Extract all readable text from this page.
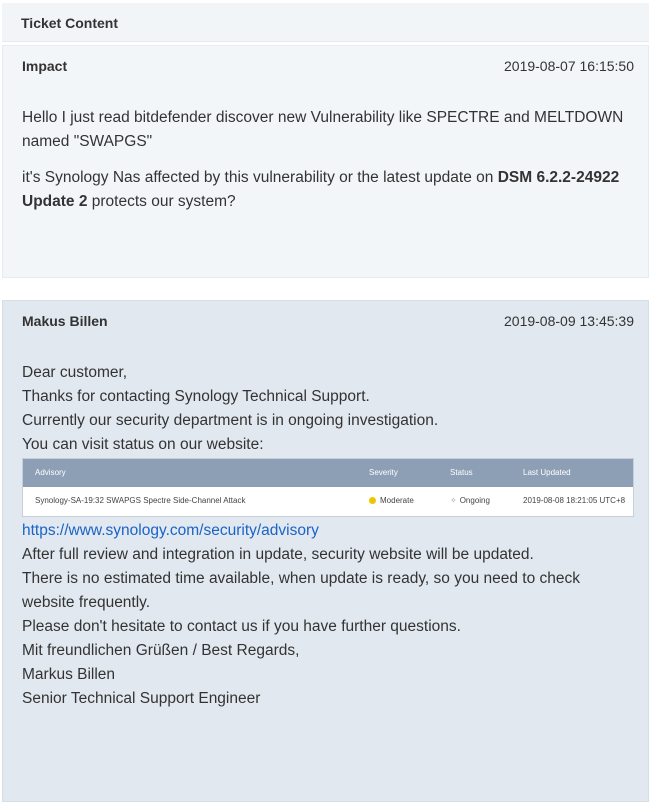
Ticket Content
Impact	2019-08-07 16:15:50

Hello I just read bitdefender discover new Vulnerability like SPECTRE and MELTDOWN named "SWAPGS"

it's Synology Nas affected by this vulnerability or the latest update on DSM 6.2.2-24922 Update 2 protects our system?

Makus Billen	2019-08-09 13:45:39

Dear customer,

Thanks for contacting Synology Technical Support.

Currently our security department is in ongoing investigation.

You can visit status on our website:

Advisory	Severity	Status	Last Updated
Synology-SA-19:32 SWAPGS Spectre Side-Channel Attack	Moderate	✧ Ongoing	2019-08-08 18:21:05 UTC+8

https://www.synology.com/security/advisory

After full review and integration in update, security website will be updated.

There is no estimated time available, when update is ready, so you need to check website frequently.

Please don't hesitate to contact us if you have further questions.

Mit freundlichen Grüßen / Best Regards,

Markus Billen

Senior Technical Support Engineer
